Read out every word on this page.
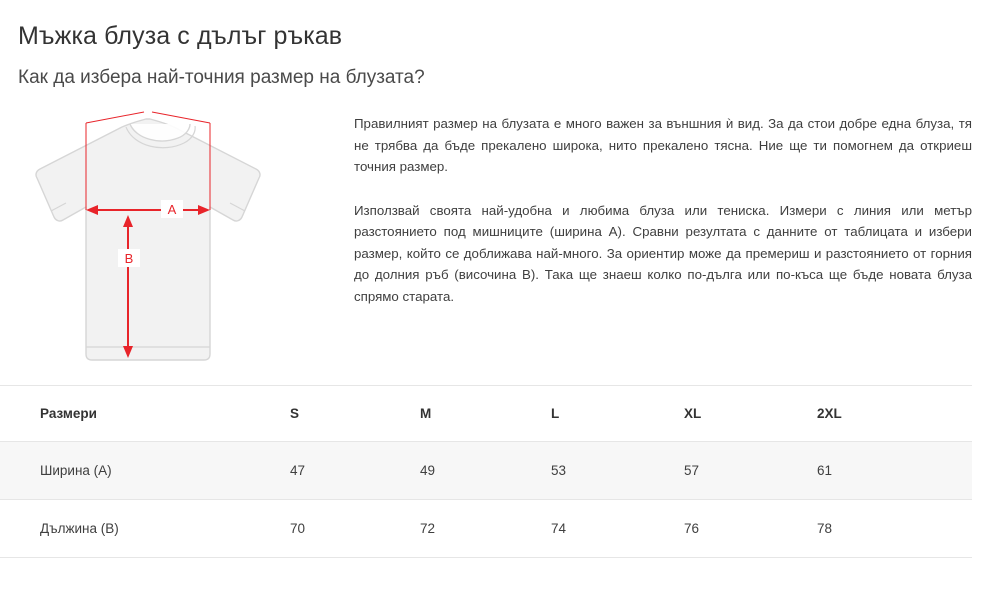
Мъжка блуза с дълъг ръкав
Как да избера най-точния размер на блузата?
A
B

Правилният размер на блузата е много важен за външния ѝ вид. За да стои добре една блуза, тя не трябва да бъде прекалено широка, нито прекалено тясна. Ние ще ти помогнем да откриеш точния размер.

Използвай своята най-удобна и любима блуза или тениска. Измери с линия или метър разстоянието под мишниците (ширина A). Сравни резултата с данните от таблицата и избери размер, който се доближава най-много. За ориентир може да премериш и разстоянието от горния до долния ръб (височина B). Така ще знаеш колко по-дълга или по-къса ще бъде новата блуза спрямо старата.

Размери	S	M	L	XL	2XL
Ширина (A)	47	49	53	57	61
Дължина (B)	70	72	74	76	78
